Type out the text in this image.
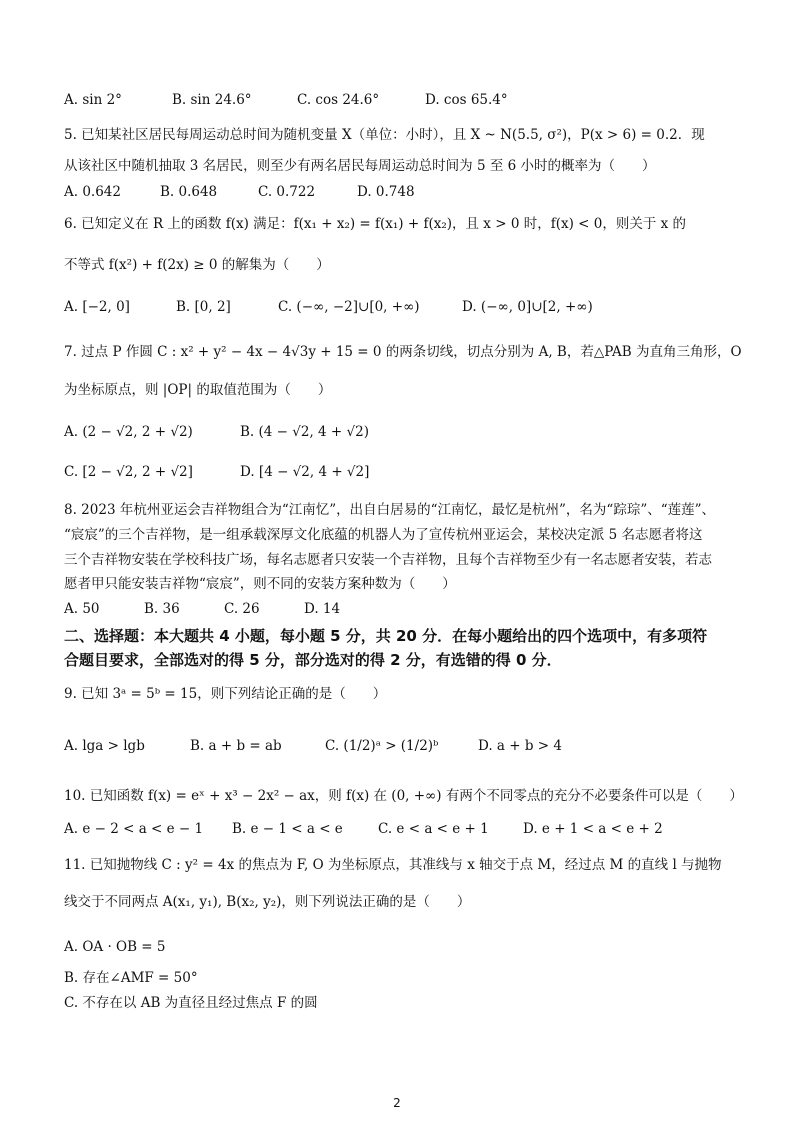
A. sin 2°	B. sin 24.6°	C. cos 24.6°	D. cos 65.4°
5. 已知某社区居民每周运动总时间为随机变量 X（单位：小时），且 X ~ N(5.5, σ²)，P(x > 6) = 0.2．现
从该社区中随机抽取 3 名居民，则至少有两名居民每周运动总时间为 5 至 6 小时的概率为（　　）
A. 0.642	B. 0.648	C. 0.722	D. 0.748
6. 已知定义在 R 上的函数 f(x) 满足：f(x₁ + x₂) = f(x₁) + f(x₂)，且 x > 0 时，f(x) < 0，则关于 x 的
不等式 f(x²) + f(2x) ≥ 0 的解集为（　　）
A. [−2, 0]	B. [0, 2]	C. (−∞, −2]∪[0, +∞)	D. (−∞, 0]∪[2, +∞)
7. 过点 P 作圆 C : x² + y² − 4x − 4√3y + 15 = 0 的两条切线，切点分别为 A, B，若△PAB 为直角三角形，O
为坐标原点，则 |OP| 的取值范围为（　　）
A. (2 − √2, 2 + √2)	B. (4 − √2, 4 + √2)
C. [2 − √2, 2 + √2]	D. [4 − √2, 4 + √2]
8. 2023 年杭州亚运会吉祥物组合为“江南忆”，出自白居易的“江南忆，最忆是杭州”，名为“踪琮”、“莲莲”、
“宸宸”的三个吉祥物，是一组承载深厚文化底蕴的机器人为了宣传杭州亚运会，某校决定派 5 名志愿者将这
三个吉祥物安装在学校科技广场，每名志愿者只安装一个吉祥物，且每个吉祥物至少有一名志愿者安装，若志
愿者甲只能安装吉祥物“宸宸”，则不同的安装方案种数为（　　）
A. 50	B. 36	C. 26	D. 14
二、选择题：本大题共 4 小题，每小题 5 分，共 20 分．在每小题给出的四个选项中，有多项符
合题目要求，全部选对的得 5 分，部分选对的得 2 分，有选错的得 0 分．
9. 已知 3ᵃ = 5ᵇ = 15，则下列结论正确的是（　　）
A. lga > lgb	B. a + b = ab	C. (1/2)ᵃ > (1/2)ᵇ	D. a + b > 4
10. 已知函数 f(x) = eˣ + x³ − 2x² − ax，则 f(x) 在 (0, +∞) 有两个不同零点的充分不必要条件可以是（　　）
A. e − 2 < a < e − 1 B. e − 1 < a < e	C. e < a < e + 1	D. e + 1 < a < e + 2
11. 已知抛物线 C : y² = 4x 的焦点为 F, O 为坐标原点，其准线与 x 轴交于点 M，经过点 M 的直线 l 与抛物
线交于不同两点 A(x₁, y₁), B(x₂, y₂)，则下列说法正确的是（　　）
A. OA · OB = 5
B. 存在∠AMF = 50°
C. 不存在以 AB 为直径且经过焦点 F 的圆
2
